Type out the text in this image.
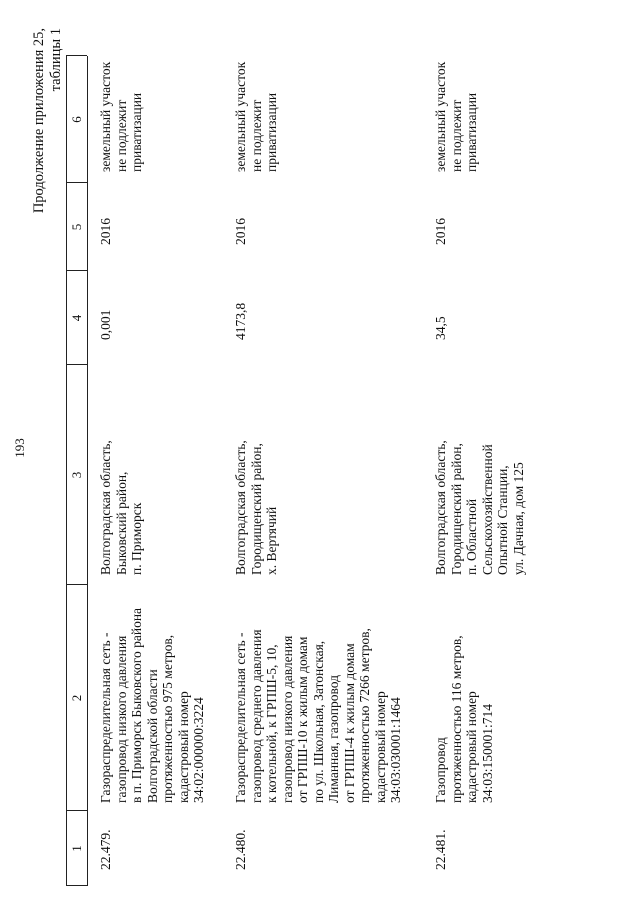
193
Продолжение приложения 25, таблицы 1
1
2
3
4
5
6
22.479.
Газораспределительная сеть -
газопровод низкого давления
в п. Приморск Быковского района
Волгоградской области
протяженностью 975 метров,
кадастровый номер
34:02:000000:3224
Волгоградская область,
Быковский район,
п. Приморск
0,001
2016
земельный участок
не подлежит
приватизации
22.480.
Газораспределительная сеть -
газопровод среднего давления
к котельной, к ГРПШ-5, 10,
газопровод низкого давления
от ГРПШ-10 к жилым домам
по ул. Школьная, Затонская,
Лиманная, газопровод
от ГРПШ-4 к жилым домам
протяженностью 7266 метров,
кадастровый номер
34:03:030001:1464
Волгоградская область,
Городищенский район,
х. Вертячий
4173,8
2016
земельный участок
не подлежит
приватизации
22.481.
Газопровод
протяженностью 116 метров,
кадастровый номер
34:03:150001:714
Волгоградская область,
Городищенский район,
п. Областной
Сельскохозяйственной
Опытной Станции,
ул. Дачная, дом 125
34,5
2016
земельный участок
не подлежит
приватизации
